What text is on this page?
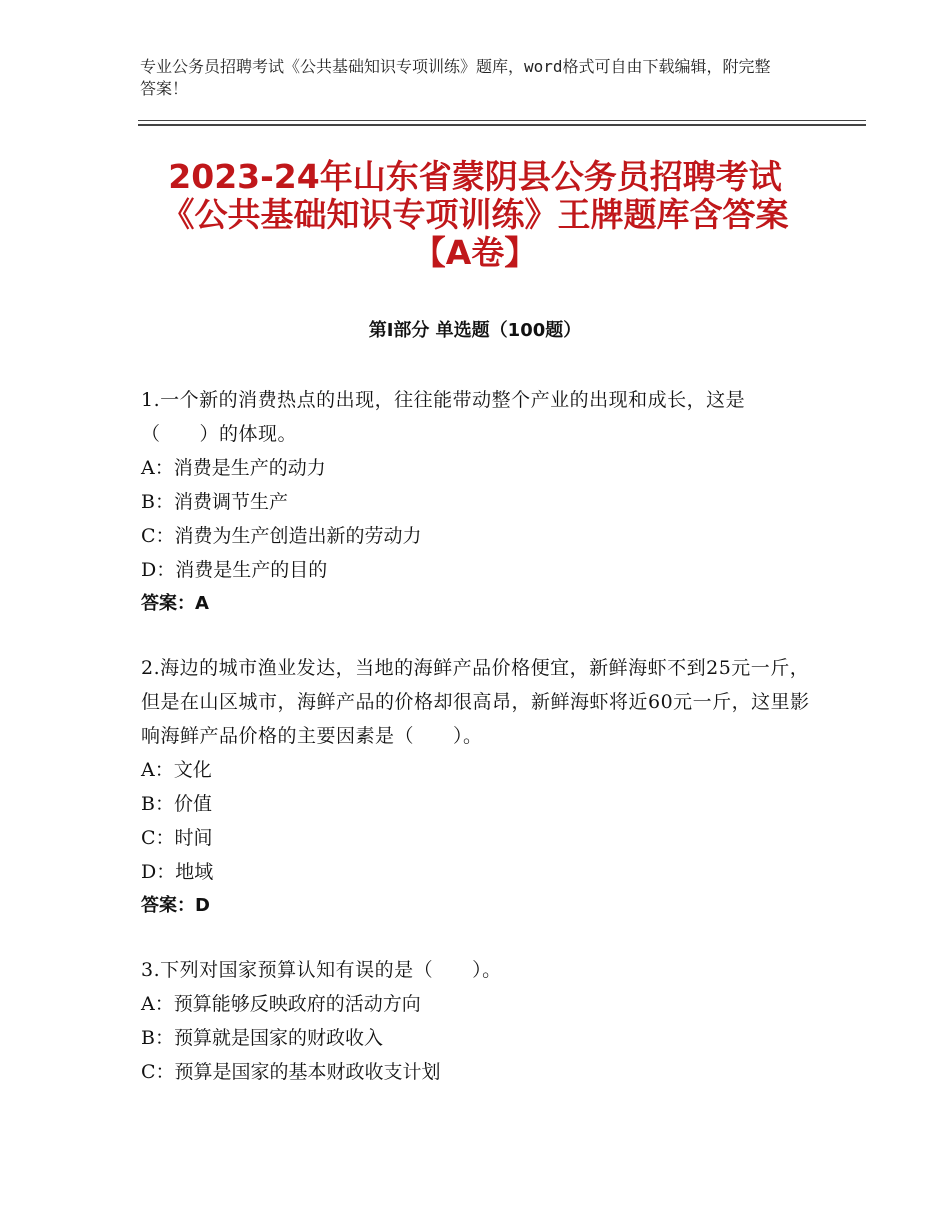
专业公务员招聘考试《公共基础知识专项训练》题库，word格式可自由下载编辑，附完整答案！
2023-24年山东省蒙阴县公务员招聘考试
《公共基础知识专项训练》王牌题库含答案
【A卷】
第Ⅰ部分 单选题（100题）
1.一个新的消费热点的出现，往往能带动整个产业的出现和成长，这是（　　）的体现。
A：消费是生产的动力
B：消费调节生产
C：消费为生产创造出新的劳动力
D：消费是生产的目的
答案：A
2.海边的城市渔业发达，当地的海鲜产品价格便宜，新鲜海虾不到25元一斤，但是在山区城市，海鲜产品的价格却很高昂，新鲜海虾将近60元一斤，这里影响海鲜产品价格的主要因素是（　　）。
A：文化
B：价值
C：时间
D：地域
答案：D
3.下列对国家预算认知有误的是（　　）。
A：预算能够反映政府的活动方向
B：预算就是国家的财政收入
C：预算是国家的基本财政收支计划
